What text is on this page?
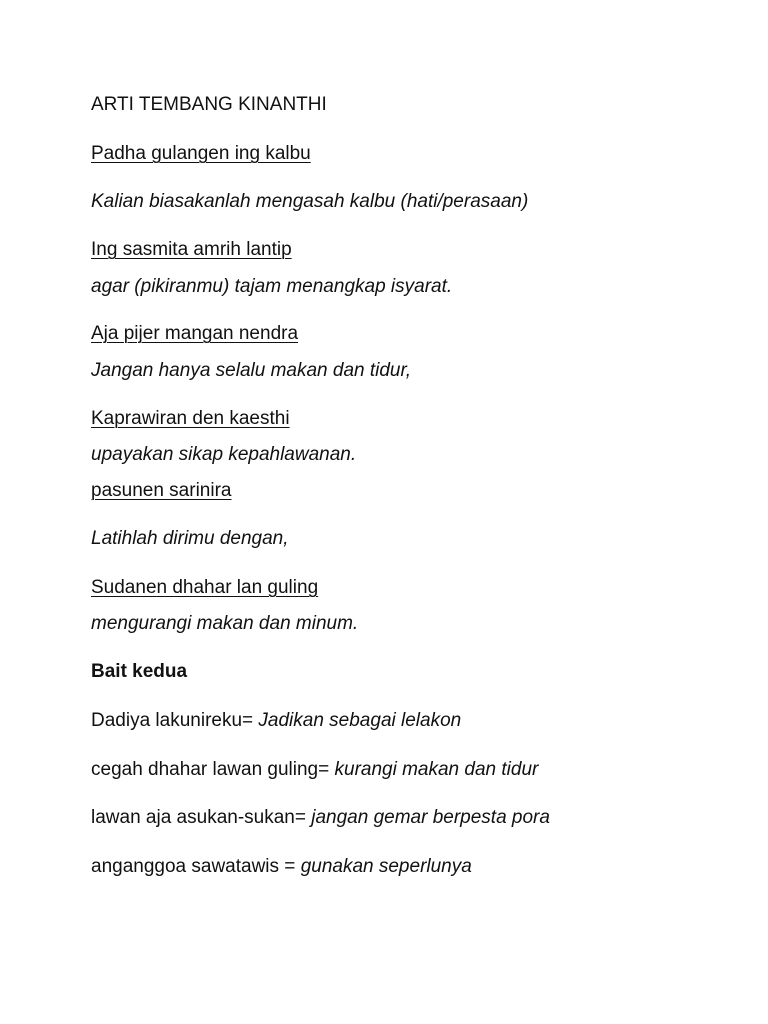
ARTI TEMBANG KINANTHI
Padha gulangen ing kalbu
Kalian biasakanlah mengasah kalbu (hati/perasaan)
Ing sasmita amrih lantip
agar (pikiranmu) tajam menangkap isyarat.
Aja pijer mangan nendra
Jangan hanya selalu makan dan tidur,
Kaprawiran den kaesthi
upayakan sikap kepahlawanan.
pasunen sarinira
Latihlah dirimu dengan,
Sudanen dhahar lan guling
mengurangi makan dan minum.
Bait kedua
Dadiya lakunireku= Jadikan sebagai lelakon
cegah dhahar lawan guling= kurangi makan dan tidur
lawan aja asukan-sukan= jangan gemar berpesta pora
anganggoa sawatawis = gunakan seperlunya
